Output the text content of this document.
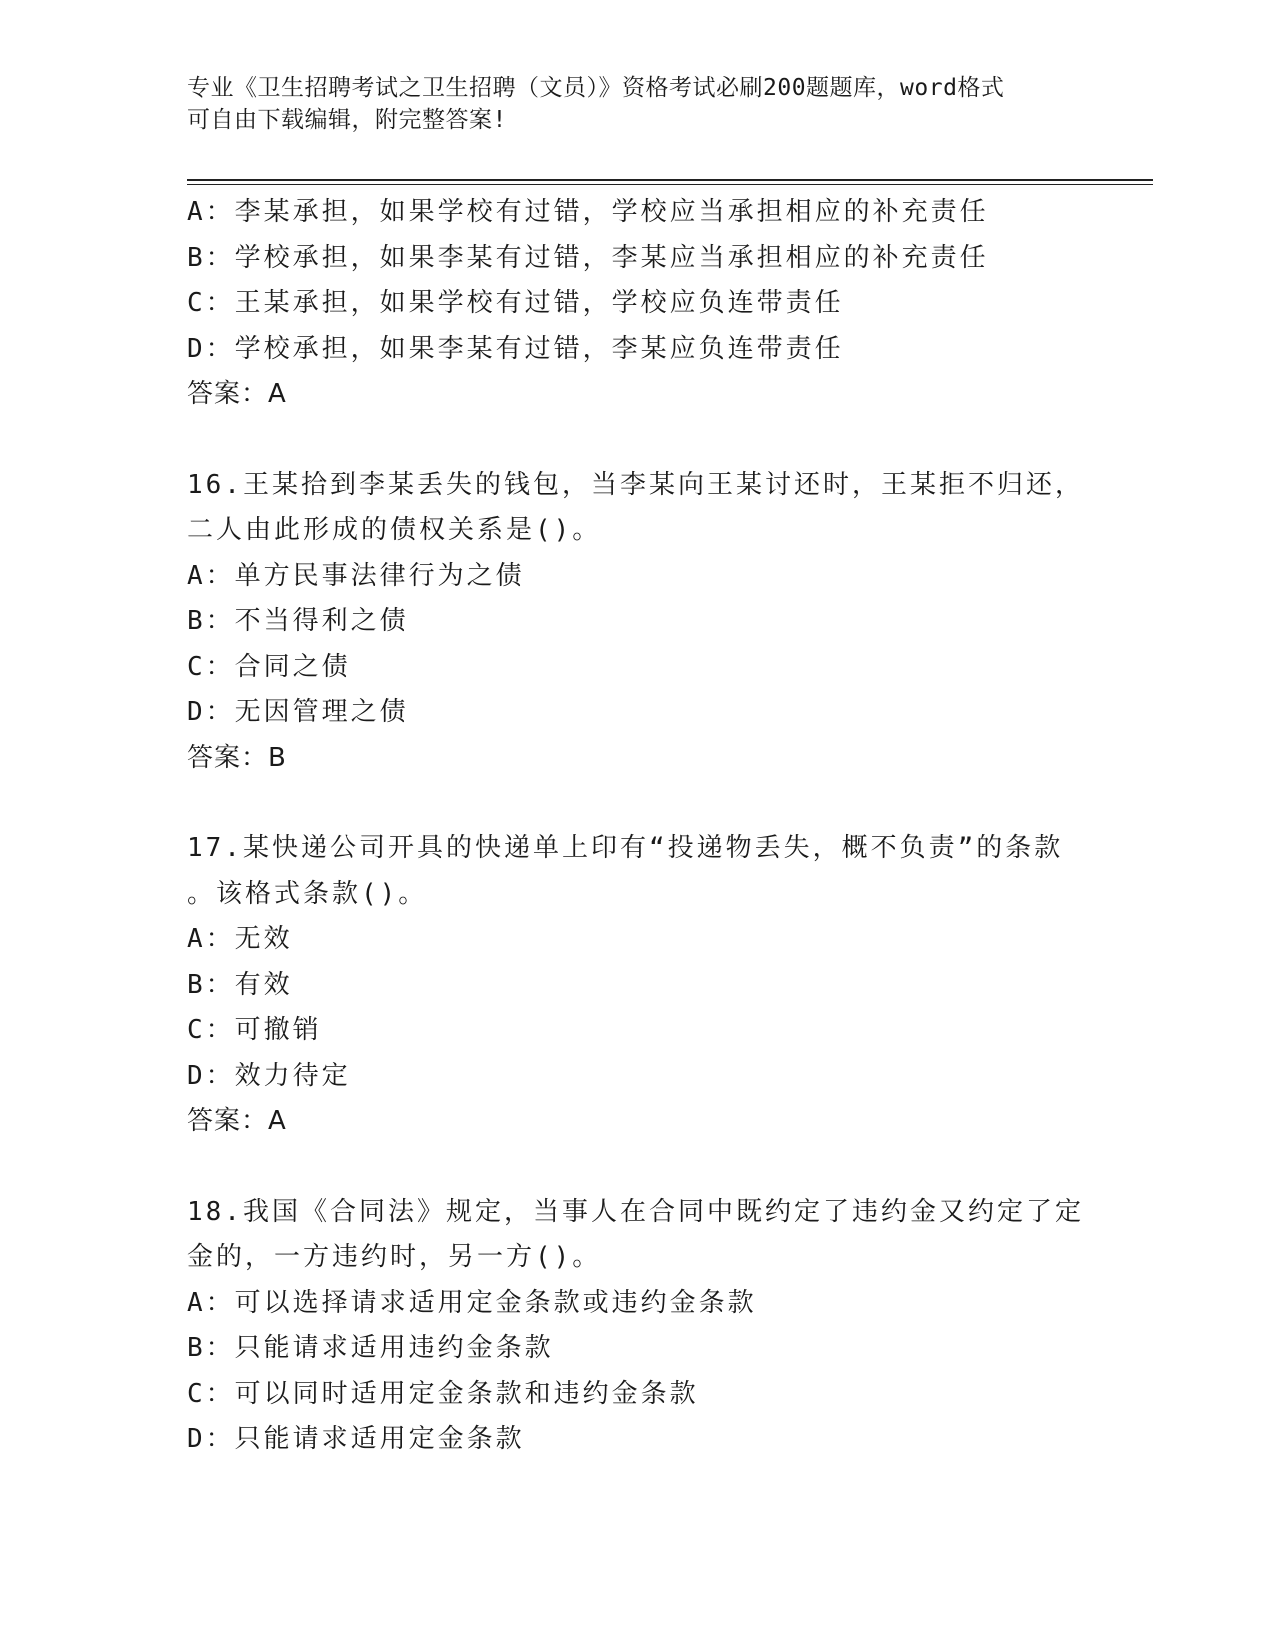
专业《卫生招聘考试之卫生招聘（文员）》资格考试必刷200题题库，word格式
可自由下载编辑，附完整答案!
A：李某承担，如果学校有过错，学校应当承担相应的补充责任
B：学校承担，如果李某有过错，李某应当承担相应的补充责任
C：王某承担，如果学校有过错，学校应负连带责任
D：学校承担，如果李某有过错，李某应负连带责任
答案：A
16.王某拾到李某丢失的钱包，当李某向王某讨还时，王某拒不归还，
二人由此形成的债权关系是()。
A：单方民事法律行为之债
B：不当得利之债
C：合同之债
D：无因管理之债
答案：B
17.某快递公司开具的快递单上印有“投递物丢失，概不负责”的条款
。该格式条款()。
A：无效
B：有效
C：可撤销
D：效力待定
答案：A
18.我国《合同法》规定，当事人在合同中既约定了违约金又约定了定
金的，一方违约时，另一方()。
A：可以选择请求适用定金条款或违约金条款
B：只能请求适用违约金条款
C：可以同时适用定金条款和违约金条款
D：只能请求适用定金条款
